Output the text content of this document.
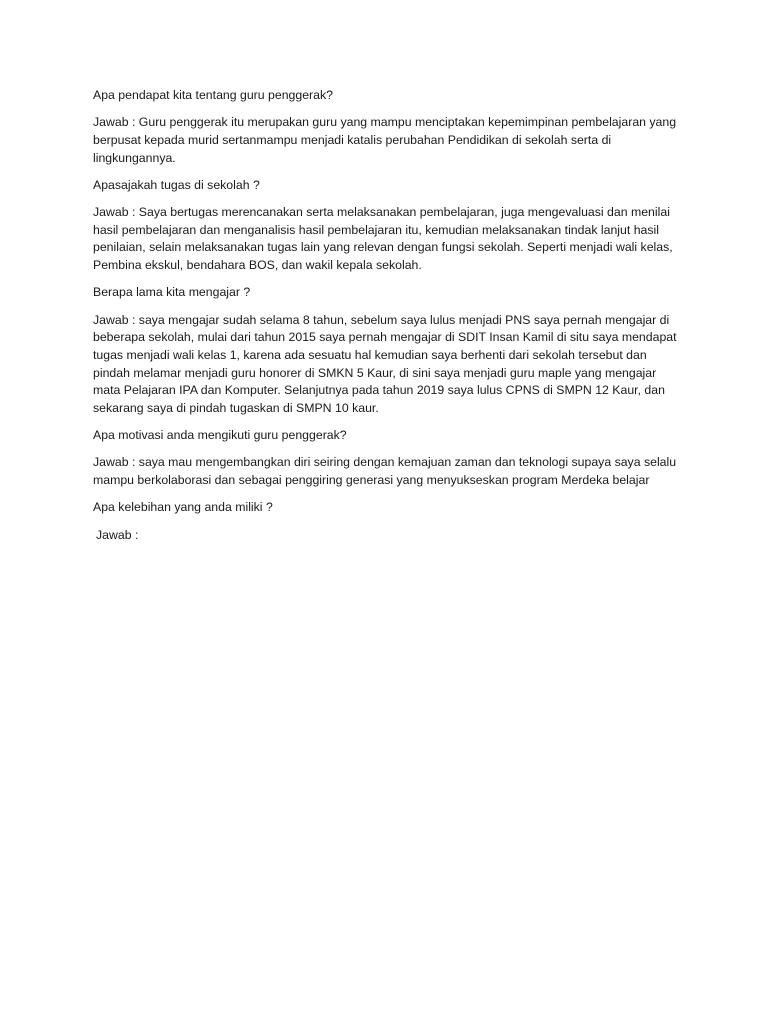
Apa pendapat kita tentang guru penggerak?

Jawab : Guru penggerak itu merupakan guru yang mampu menciptakan kepemimpinan pembelajaran yang berpusat kepada murid sertanmampu menjadi katalis perubahan Pendidikan di sekolah serta di lingkungannya.

Apasajakah tugas di sekolah ?

Jawab : Saya bertugas merencanakan serta melaksanakan pembelajaran, juga mengevaluasi dan menilai hasil pembelajaran dan menganalisis hasil pembelajaran itu, kemudian melaksanakan tindak lanjut hasil penilaian, selain melaksanakan tugas lain yang relevan dengan fungsi sekolah. Seperti menjadi wali kelas, Pembina ekskul, bendahara BOS, dan wakil kepala sekolah.

Berapa lama kita mengajar ?

Jawab : saya mengajar sudah selama 8 tahun, sebelum saya lulus menjadi PNS saya pernah mengajar di beberapa sekolah, mulai dari tahun 2015 saya pernah mengajar di SDIT Insan Kamil di situ saya mendapat tugas menjadi wali kelas 1, karena ada sesuatu hal kemudian saya berhenti dari sekolah tersebut dan pindah melamar menjadi guru honorer di SMKN 5 Kaur, di sini saya menjadi guru maple yang mengajar mata Pelajaran IPA dan Komputer. Selanjutnya pada tahun 2019 saya lulus CPNS di SMPN 12 Kaur, dan sekarang saya di pindah tugaskan di SMPN 10 kaur.

Apa motivasi anda mengikuti guru penggerak?

Jawab : saya mau mengembangkan diri seiring dengan kemajuan zaman dan teknologi supaya saya selalu mampu berkolaborasi dan sebagai penggiring generasi yang menyukseskan program Merdeka belajar

Apa kelebihan yang anda miliki ?

Jawab :
